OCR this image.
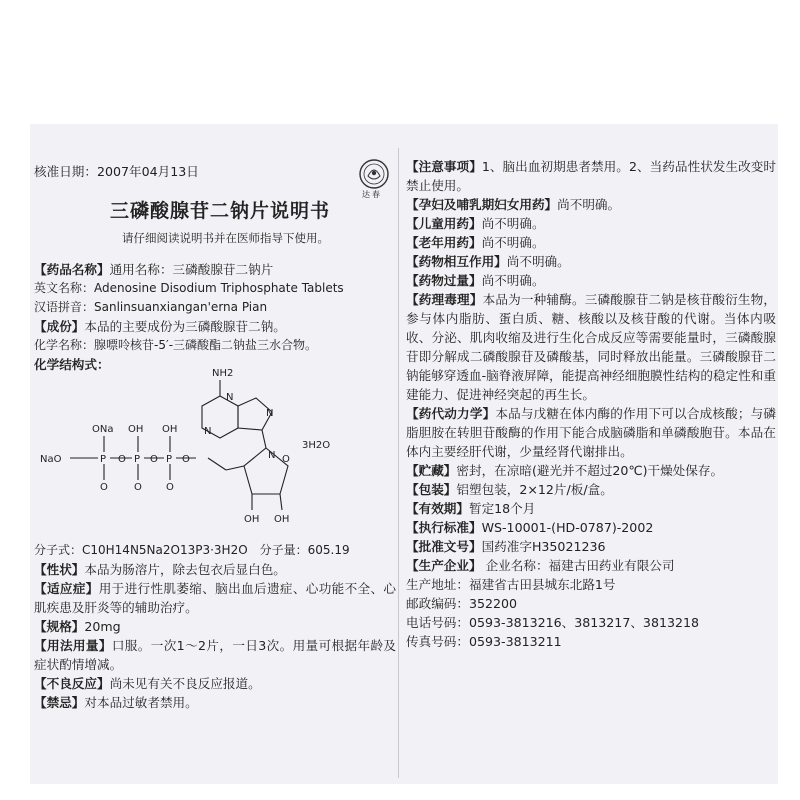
核准日期：2007年04月13日
达春
三磷酸腺苷二钠片说明书
请仔细阅读说明书并在医师指导下使用。
【药品名称】通用名称：三磷酸腺苷二钠片
英文名称：Adenosine Disodium Triphosphate Tablets
汉语拼音：Sanlinsuanxiangan'erna Pian
【成份】本品的主要成份为三磷酸腺苷二钠。
化学名称：腺嘌呤核苷-5′-三磷酸酯二钠盐三水合物。
化学结构式：
NH2
N
N
N
N
3H2O
ONa OH OH
NaO	P	P	P
O O O
O	O O
OH
OH
O
分子式：C10H14N5Na2O13P3·3H2O　分子量：605.19
【性状】本品为肠溶片，除去包衣后显白色。
【适应症】用于进行性肌萎缩、脑出血后遗症、心功能不全、心肌疾患及肝炎等的辅助治疗。
【规格】20mg
【用法用量】口服。一次1～2片，一日3次。用量可根据年龄及症状酌情增减。
【不良反应】尚未见有关不良反应报道。
【禁忌】对本品过敏者禁用。
【注意事项】1、脑出血初期患者禁用。2、当药品性状发生改变时禁止使用。
【孕妇及哺乳期妇女用药】尚不明确。
【儿童用药】尚不明确。
【老年用药】尚不明确。
【药物相互作用】尚不明确。
【药物过量】尚不明确。
【药理毒理】本品为一种辅酶。三磷酸腺苷二钠是核苷酸衍生物，参与体内脂肪、蛋白质、糖、核酸以及核苷酸的代谢。当体内吸收、分泌、肌肉收缩及进行生化合成反应等需要能量时，三磷酸腺苷即分解成二磷酸腺苷及磷酸基，同时释放出能量。三磷酸腺苷二钠能够穿透血-脑脊液屏障，能提高神经细胞膜性结构的稳定性和重建能力、促进神经突起的再生长。
【药代动力学】本品与戊糖在体内酶的作用下可以合成核酸；与磷脂胆胺在转胆苷酸酶的作用下能合成脑磷脂和单磷酸胞苷。本品在体内主要经肝代谢，少量经肾代谢排出。
【贮藏】密封，在凉暗(避光并不超过20℃)干燥处保存。
【包装】铝塑包装，2×12片/板/盒。
【有效期】暂定18个月
【执行标准】WS-10001-(HD-0787)-2002
【批准文号】国药准字H35021236
【生产企业】 企业名称：福建古田药业有限公司
生产地址：福建省古田县城东北路1号
邮政编码：352200
电话号码：0593-3813216、3813217、3813218
传真号码：0593-3813211
